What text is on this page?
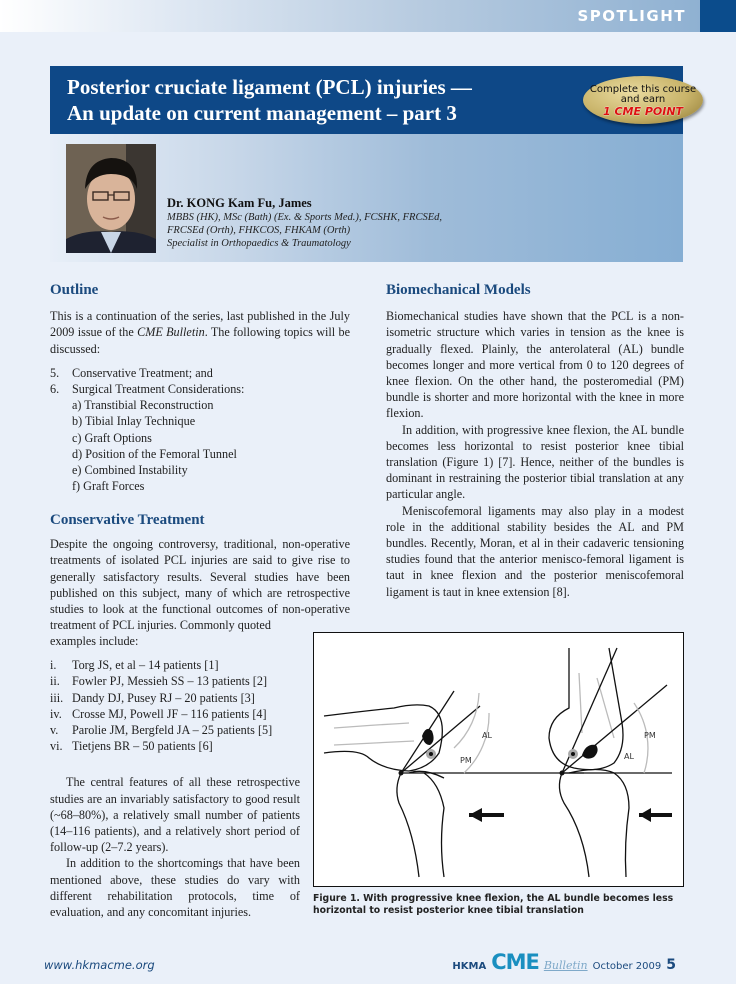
SPOTLIGHT
Posterior cruciate ligament (PCL) injuries —
An update on current management – part 3
Complete this course
and earn
1 CME POINT
Dr. KONG Kam Fu, James
MBBS (HK), MSc (Bath) (Ex. & Sports Med.), FCSHK, FRCSEd,
FRCSEd (Orth), FHKCOS, FHKAM (Orth)
Specialist in Orthopaedics & Traumatology
Outline

This is a continuation of the series, last published in the July 2009 issue of the CME Bulletin. The following topics will be discussed:

5. Conservative Treatment; and
6. Surgical Treatment Considerations:
a) Transtibial Reconstruction
b) Tibial Inlay Technique
c) Graft Options
d) Position of the Femoral Tunnel
e) Combined Instability
f) Graft Forces
Conservative Treatment

Despite the ongoing controversy, traditional, non-operative treatments of isolated PCL injuries are said to give rise to generally satisfactory results. Several studies have been published on this subject, many of which are retrospective studies to look at the functional outcomes of non-operative treatment of PCL injuries. Commonly quoted

examples include:

i. Torg JS, et al – 14 patients [1]
ii. Fowler PJ, Messieh SS – 13 patients [2]
iii. Dandy DJ, Pusey RJ – 20 patients [3]
iv. Crosse MJ, Powell JF – 116 patients [4]
v. Parolie JM, Bergfeld JA – 25 patients [5]
vi. Tietjens BR – 50 patients [6]

The central features of all these retrospective studies are an invariably satisfactory to good result (~68–80%), a relatively small number of patients (14–116 patients), and a relatively short period of follow-up (2–7.2 years).

In addition to the shortcomings that have been mentioned above, these studies do vary with different rehabilitation protocols, time of evaluation, and any concomitant injuries.

Biomechanical Models

Biomechanical studies have shown that the PCL is a non-isometric structure which varies in tension as the knee is gradually flexed. Plainly, the anterolateral (AL) bundle becomes longer and more vertical from 0 to 120 degrees of knee flexion. On the other hand, the posteromedial (PM) bundle is shorter and more horizontal with the knee in more flexion.

In addition, with progressive knee flexion, the AL bundle becomes less horizontal to resist posterior knee tibial translation (Figure 1) [7]. Hence, neither of the bundles is dominant in restraining the posterior tibial translation at any particular angle.

Meniscofemoral ligaments may also play in a modest role in the additional stability besides the AL and PM bundles. Recently, Moran, et al in their cadaveric tensioning studies found that the anterior menisco-femoral ligament is taut in knee flexion and the posterior meniscofemoral ligament is taut in knee extension [8].

AL
PM
PM
AL
Figure 1. With progressive knee flexion, the AL bundle becomes less horizontal to resist posterior knee tibial translation
www.hkmacme.org	HKMA CME Bulletin October 2009 5
